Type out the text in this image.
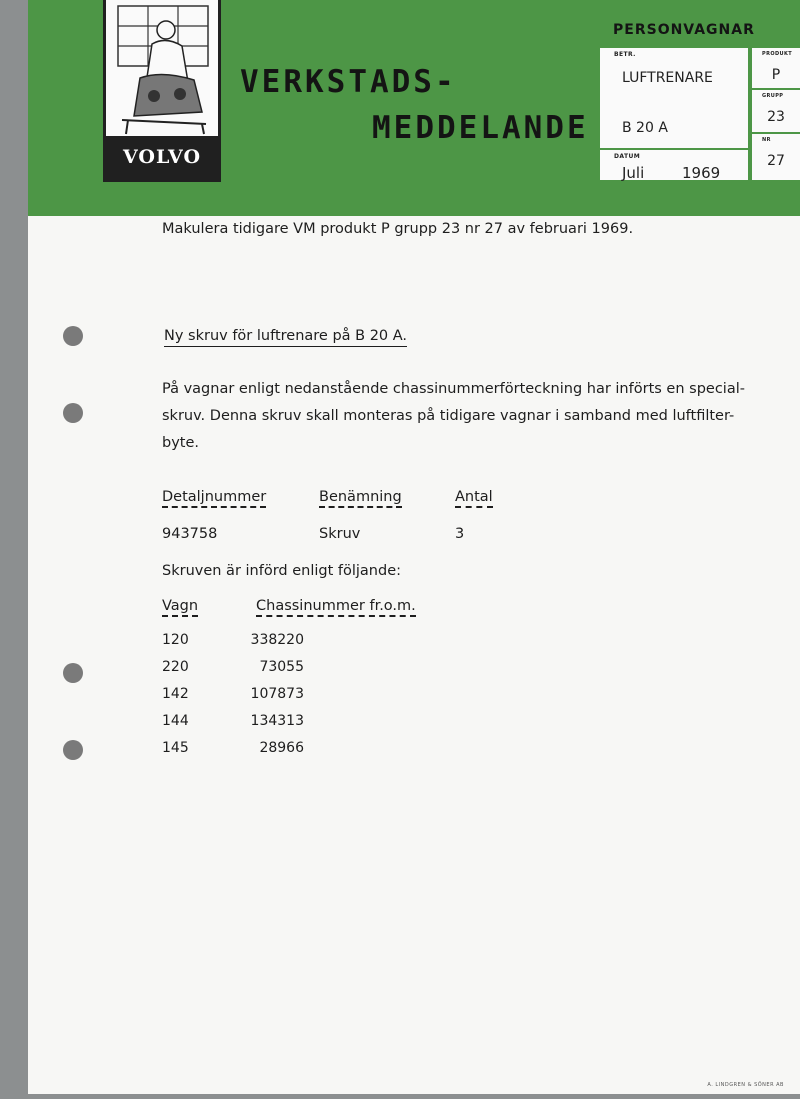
VOLVO
VERKSTADS-
MEDDELANDE
PERSONVAGNAR
BETR.
LUFTRENARE
B 20 A
DATUM
Juli	1969
PRODUKT
P
GRUPP
23
NR
27
Makulera tidigare VM produkt P grupp 23 nr 27 av februari 1969.
Ny skruv för luftrenare på B 20 A.
På vagnar enligt nedanstående chassinummerförteckning har införts en special-
skruv. Denna skruv skall monteras på tidigare vagnar i samband med luftfilter-
byte.
Detaljnummer	Benämning	Antal
943758	Skruv	3
Skruven är införd enligt följande:
Vagn	Chassinummer fr.o.m.
120	338220
220	73055
142	107873
144	134313
145	28966
A. LINDGREN & SÖNER AB
